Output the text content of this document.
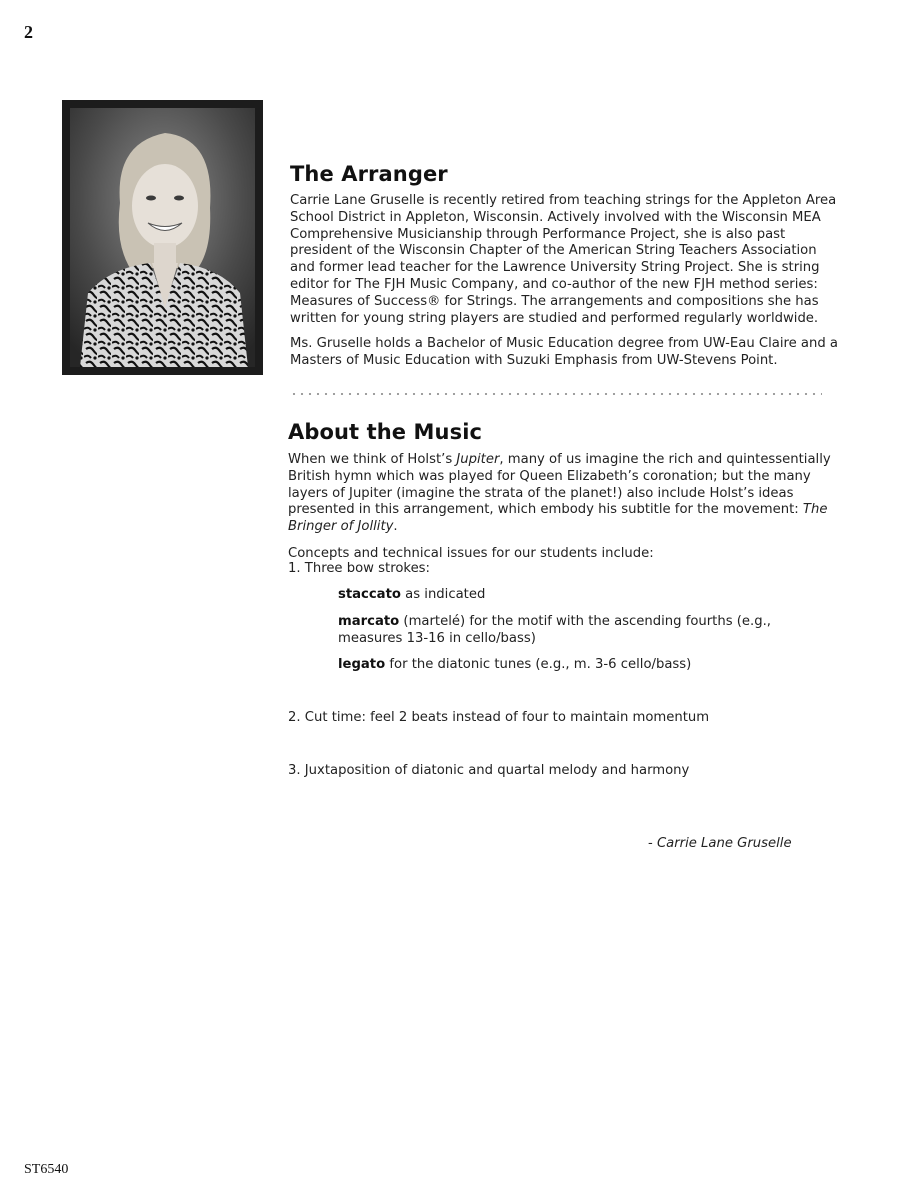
2
The Arranger

Carrie Lane Gruselle is recently retired from teaching strings for the Appleton Area School District in Appleton, Wisconsin. Actively involved with the Wisconsin MEA Comprehensive Musicianship through Performance Project, she is also past president of the Wisconsin Chapter of the American String Teachers Association and former lead teacher for the Lawrence University String Project. She is string editor for The FJH Music Company, and co-author of the new FJH method series: Measures of Success® for Strings. The arrangements and compositions she has written for young string players are studied and performed regularly worldwide.

Ms. Gruselle holds a Bachelor of Music Education degree from UW-Eau Claire and a Masters of Music Education with Suzuki Emphasis from UW-Stevens Point.

About the Music

When we think of Holst’s Jupiter, many of us imagine the rich and quintessentially British hymn which was played for Queen Elizabeth’s coronation; but the many layers of Jupiter (imagine the strata of the planet!) also include Holst’s ideas presented in this arrangement, which embody his subtitle for the movement: The Bringer of Jollity.

Concepts and technical issues for our students include:

1. Three bow strokes:
staccato as indicated
marcato (martelé) for the motif with the ascending fourths (e.g., measures 13-16 in cello/bass)
legato for the diatonic tunes (e.g., m. 3-6 cello/bass)
2. Cut time: feel 2 beats instead of four to maintain momentum
3. Juxtaposition of diatonic and quartal melody and harmony
- Carrie Lane Gruselle
ST6540
